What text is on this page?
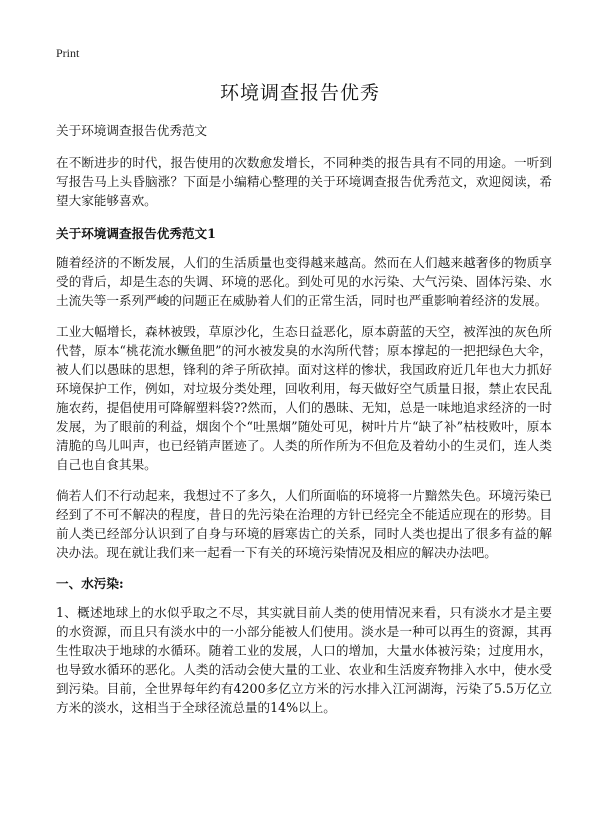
Print
环境调查报告优秀

关于环境调查报告优秀范文

在不断进步的时代，报告使用的次数愈发增长，不同种类的报告具有不同的用途。一听到写报告马上头昏脑涨？下面是小编精心整理的关于环境调查报告优秀范文，欢迎阅读，希望大家能够喜欢。

关于环境调查报告优秀范文1

随着经济的不断发展，人们的生活质量也变得越来越高。然而在人们越来越奢侈的物质享受的背后，却是生态的失调、环境的恶化。到处可见的水污染、大气污染、固体污染、水土流失等一系列严峻的问题正在威胁着人们的正常生活，同时也严重影响着经济的发展。

工业大幅增长，森林被毁，草原沙化，生态日益恶化，原本蔚蓝的天空，被浑浊的灰色所代替，原本“桃花流水鳜鱼肥”的河水被发臭的水沟所代替；原本撑起的一把把绿色大伞，被人们以愚昧的思想，锋利的斧子所砍掉。面对这样的惨状，我国政府近几年也大力抓好环境保护工作，例如，对垃圾分类处理，回收利用，每天做好空气质量日报，禁止农民乱施农药，提倡使用可降解塑料袋??然而，人们的愚昧、无知，总是一味地追求经济的一时发展，为了眼前的利益，烟囱个个“吐黑烟”随处可见，树叶片片“缺了补”枯枝败叶，原本清脆的鸟儿叫声，也已经销声匿迹了。人类的所作所为不但危及着幼小的生灵们，连人类自己也自食其果。

倘若人们不行动起来，我想过不了多久，人们所面临的环境将一片黯然失色。环境污染已经到了不可不解决的程度，昔日的先污染在治理的方针已经完全不能适应现在的形势。目前人类已经部分认识到了自身与环境的唇寒齿亡的关系，同时人类也提出了很多有益的解决办法。现在就让我们来一起看一下有关的环境污染情况及相应的解决办法吧。

一、水污染:

1、概述地球上的水似乎取之不尽，其实就目前人类的使用情况来看，只有淡水才是主要的水资源，而且只有淡水中的一小部分能被人们使用。淡水是一种可以再生的资源，其再生性取决于地球的水循环。随着工业的发展，人口的增加，大量水体被污染；过度用水，也导致水循环的恶化。人类的活动会使大量的工业、农业和生活废弃物排入水中，使水受到污染。目前，全世界每年约有4200多亿立方米的污水排入江河湖海，污染了5.5万亿立方米的淡水，这相当于全球径流总量的14%以上。
